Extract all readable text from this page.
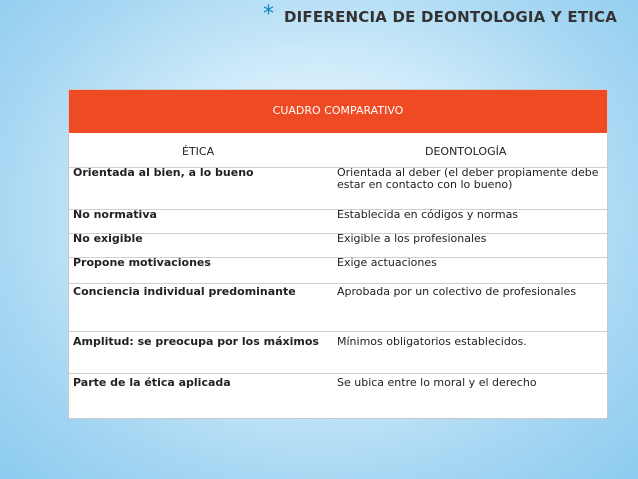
* DIFERENCIA DE DEONTOLOGIA Y ETICA
CUADRO COMPARATIVO
ÉTICA	DEONTOLOGÍA
Orientada al bien, a lo bueno	Orientada al deber (el deber propiamente debe estar en contacto con lo bueno)
No normativa	Establecida en códigos y normas
No exigible	Exigible a los profesionales
Propone motivaciones	Exige actuaciones
Conciencia individual predominante	Aprobada por un colectivo de profesionales
Amplitud: se preocupa por los máximos	Mínimos obligatorios establecidos.
Parte de la ética aplicada	Se ubica entre lo moral y el derecho
